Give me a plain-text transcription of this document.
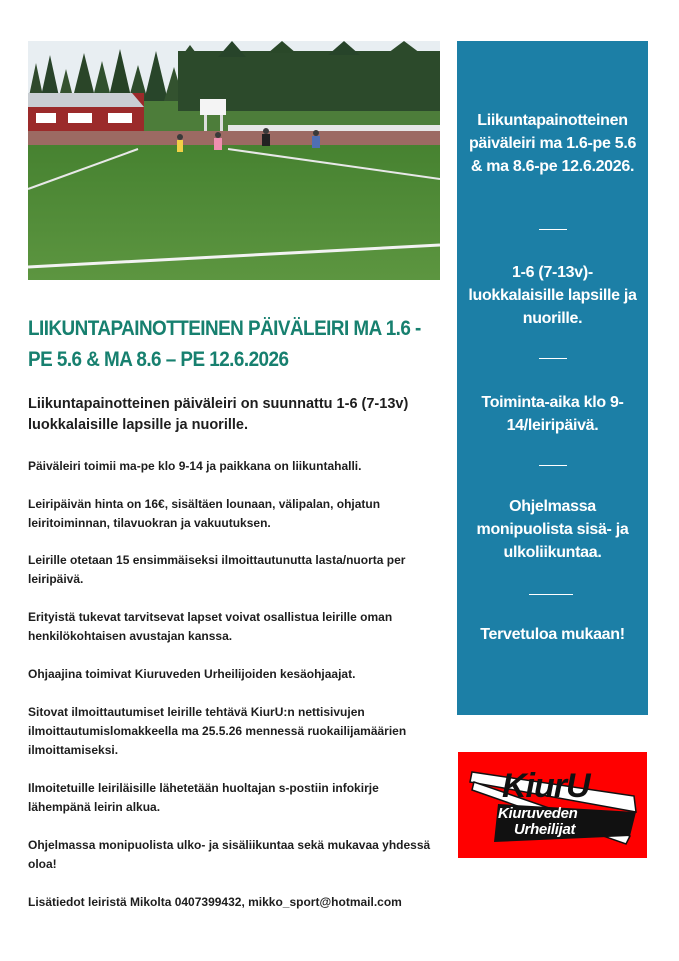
LIIKUNTAPAINOTTEINEN PÄIVÄLEIRI MA 1.6 - PE 5.6 & MA 8.6 – PE 12.6.2026

Liikuntapainotteinen päiväleiri on suunnattu 1-6 (7-13v) luokkalaisille lapsille ja nuorille.

Päiväleiri toimii ma-pe klo 9-14 ja paikkana on liikuntahalli.

Leiripäivän hinta on 16€, sisältäen lounaan, välipalan, ohjatun leiritoiminnan, tilavuokran ja vakuutuksen.

Leirille otetaan 15 ensimmäiseksi ilmoittautunutta lasta/nuorta per leiripäivä.

Erityistä tukevat tarvitsevat lapset voivat osallistua leirille oman henkilökohtaisen avustajan kanssa.

Ohjaajina toimivat Kiuruveden Urheilijoiden kesäohjaajat.

Sitovat ilmoittautumiset leirille tehtävä KiurU:n nettisivujen ilmoittautumislomakkeella ma 25.5.26 mennessä ruokailijamäärien ilmoittamiseksi.

Ilmoitetuille leiriläisille lähetetään huoltajan s-postiin infokirje lähempänä leirin alkua.

Ohjelmassa monipuolista ulko- ja sisäliikuntaa sekä mukavaa yhdessä oloa!

Lisätiedot leiristä Mikolta 0407399432, mikko_sport@hotmail.com

Liikuntapainotteinen päiväleiri ma 1.6-pe 5.6 & ma 8.6-pe 12.6.2026.

1-6 (7-13v)-luokkalaisille lapsille ja nuorille.

Toiminta-aika klo 9-14/leiripäivä.

Ohjelmassa monipuolista sisä- ja ulkoliikuntaa.

Tervetuloa mukaan!

KiurU
Kiuruveden
Urheilijat
